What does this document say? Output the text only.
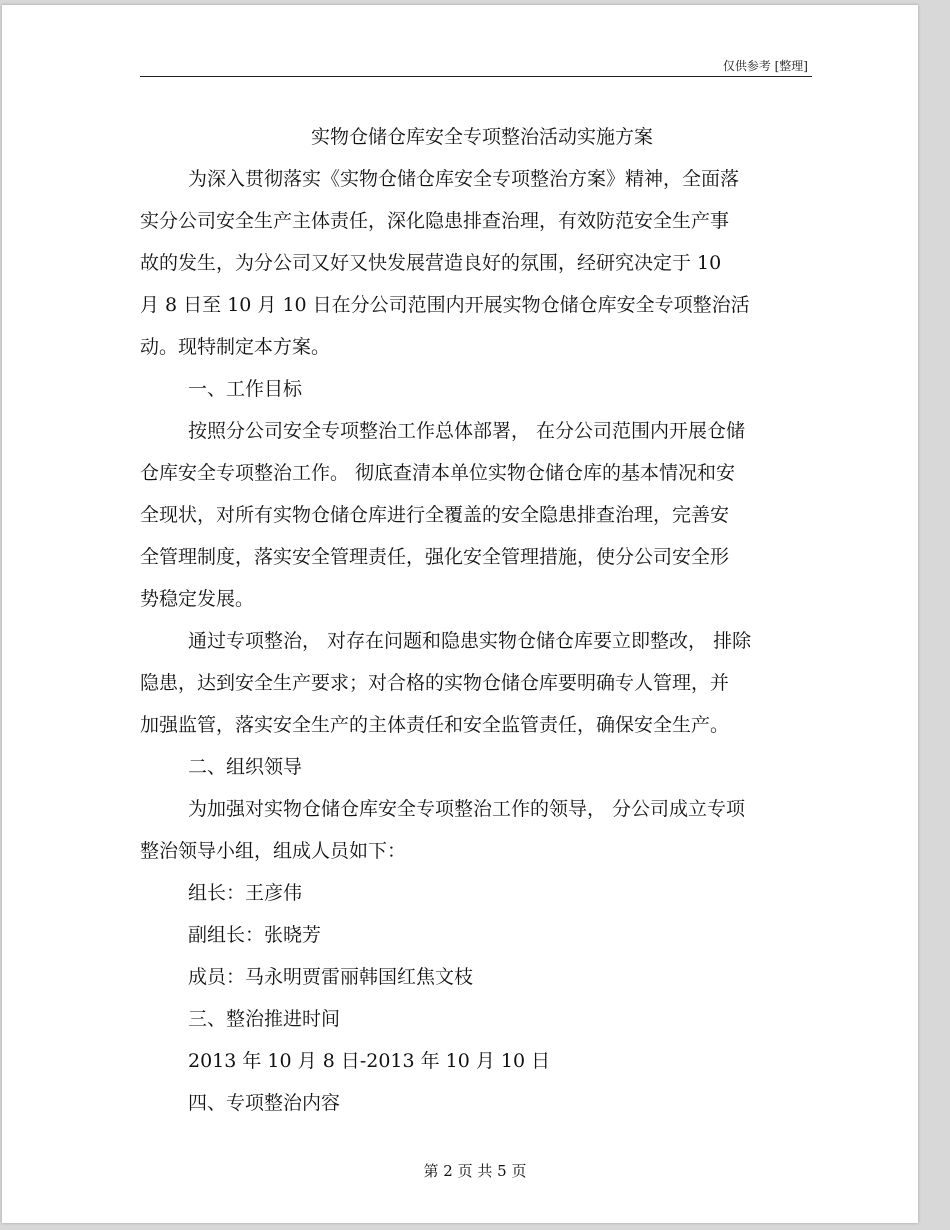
仅供参考 [整理]
实物仓储仓库安全专项整治活动实施方案
为深入贯彻落实《实物仓储仓库安全专项整治方案》精神，全面落
实分公司安全生产主体责任，深化隐患排查治理，有效防范安全生产事
故的发生，为分公司又好又快发展营造良好的氛围，经研究决定于 10
月 8 日至 10 月 10 日在分公司范围内开展实物仓储仓库安全专项整治活
动。现特制定本方案。
一、工作目标
按照分公司安全专项整治工作总体部署， 在分公司范围内开展仓储
仓库安全专项整治工作。 彻底查清本单位实物仓储仓库的基本情况和安
全现状，对所有实物仓储仓库进行全覆盖的安全隐患排查治理，完善安
全管理制度，落实安全管理责任，强化安全管理措施，使分公司安全形
势稳定发展。
通过专项整治， 对存在问题和隐患实物仓储仓库要立即整改， 排除
隐患，达到安全生产要求；对合格的实物仓储仓库要明确专人管理，并
加强监管，落实安全生产的主体责任和安全监管责任，确保安全生产。
二、组织领导
为加强对实物仓储仓库安全专项整治工作的领导， 分公司成立专项
整治领导小组，组成人员如下：
组长：王彦伟
副组长：张晓芳
成员：马永明贾雷丽韩国红焦文枝
三、整治推进时间
2013 年 10 月 8 日-2013 年 10 月 10 日
四、专项整治内容
第 2 页 共 5 页
